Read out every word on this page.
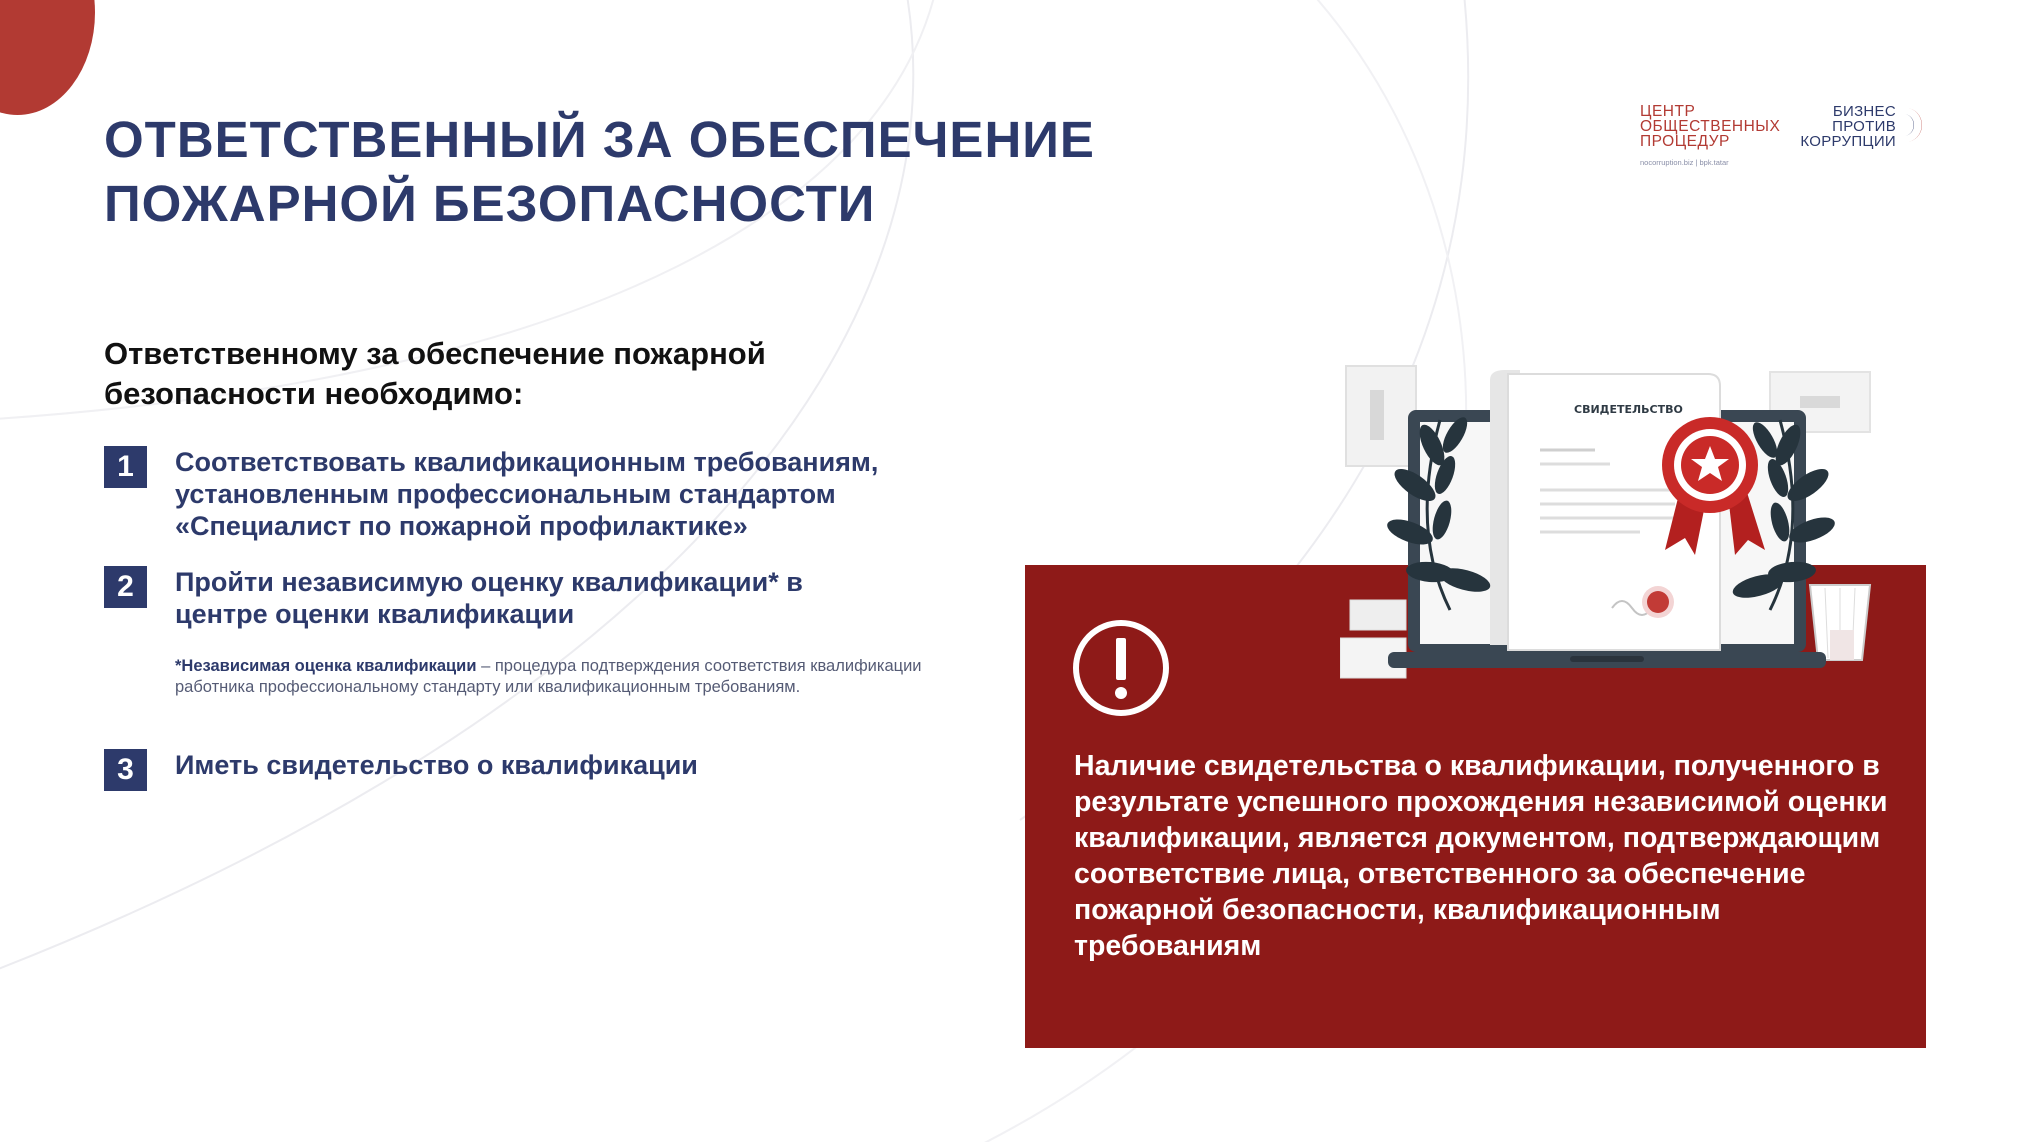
ОТВЕТСТВЕННЫЙ ЗА ОБЕСПЕЧЕНИЕ ПОЖАРНОЙ БЕЗОПАСНОСТИ
ЦЕНТР
ОБЩЕСТВЕННЫХ
ПРОЦЕДУР
nocorruption.biz | bpk.tatar
БИЗНЕС
ПРОТИВ
КОРРУПЦИИ

Ответственному за обеспечение пожарной безопасности необходимо:

1	Соответствовать квалификационным требованиям, установленным профессиональным стандартом «Специалист по пожарной профилактике»

2	Пройти независимую оценку квалификации* в центре оценки квалификации

*Независимая оценка квалификации – процедура подтверждения соответствия квалификации работника профессиональному стандарту или квалификационным требованиям.

3	Иметь свидетельство о квалификации

СВИДЕТЕЛЬСТВО

Наличие свидетельства о квалификации, полученного в результате успешного прохождения независимой оценки квалификации, является документом, подтверждающим соответствие лица, ответственного за обеспечение пожарной безопасности, квалификационным требованиям
